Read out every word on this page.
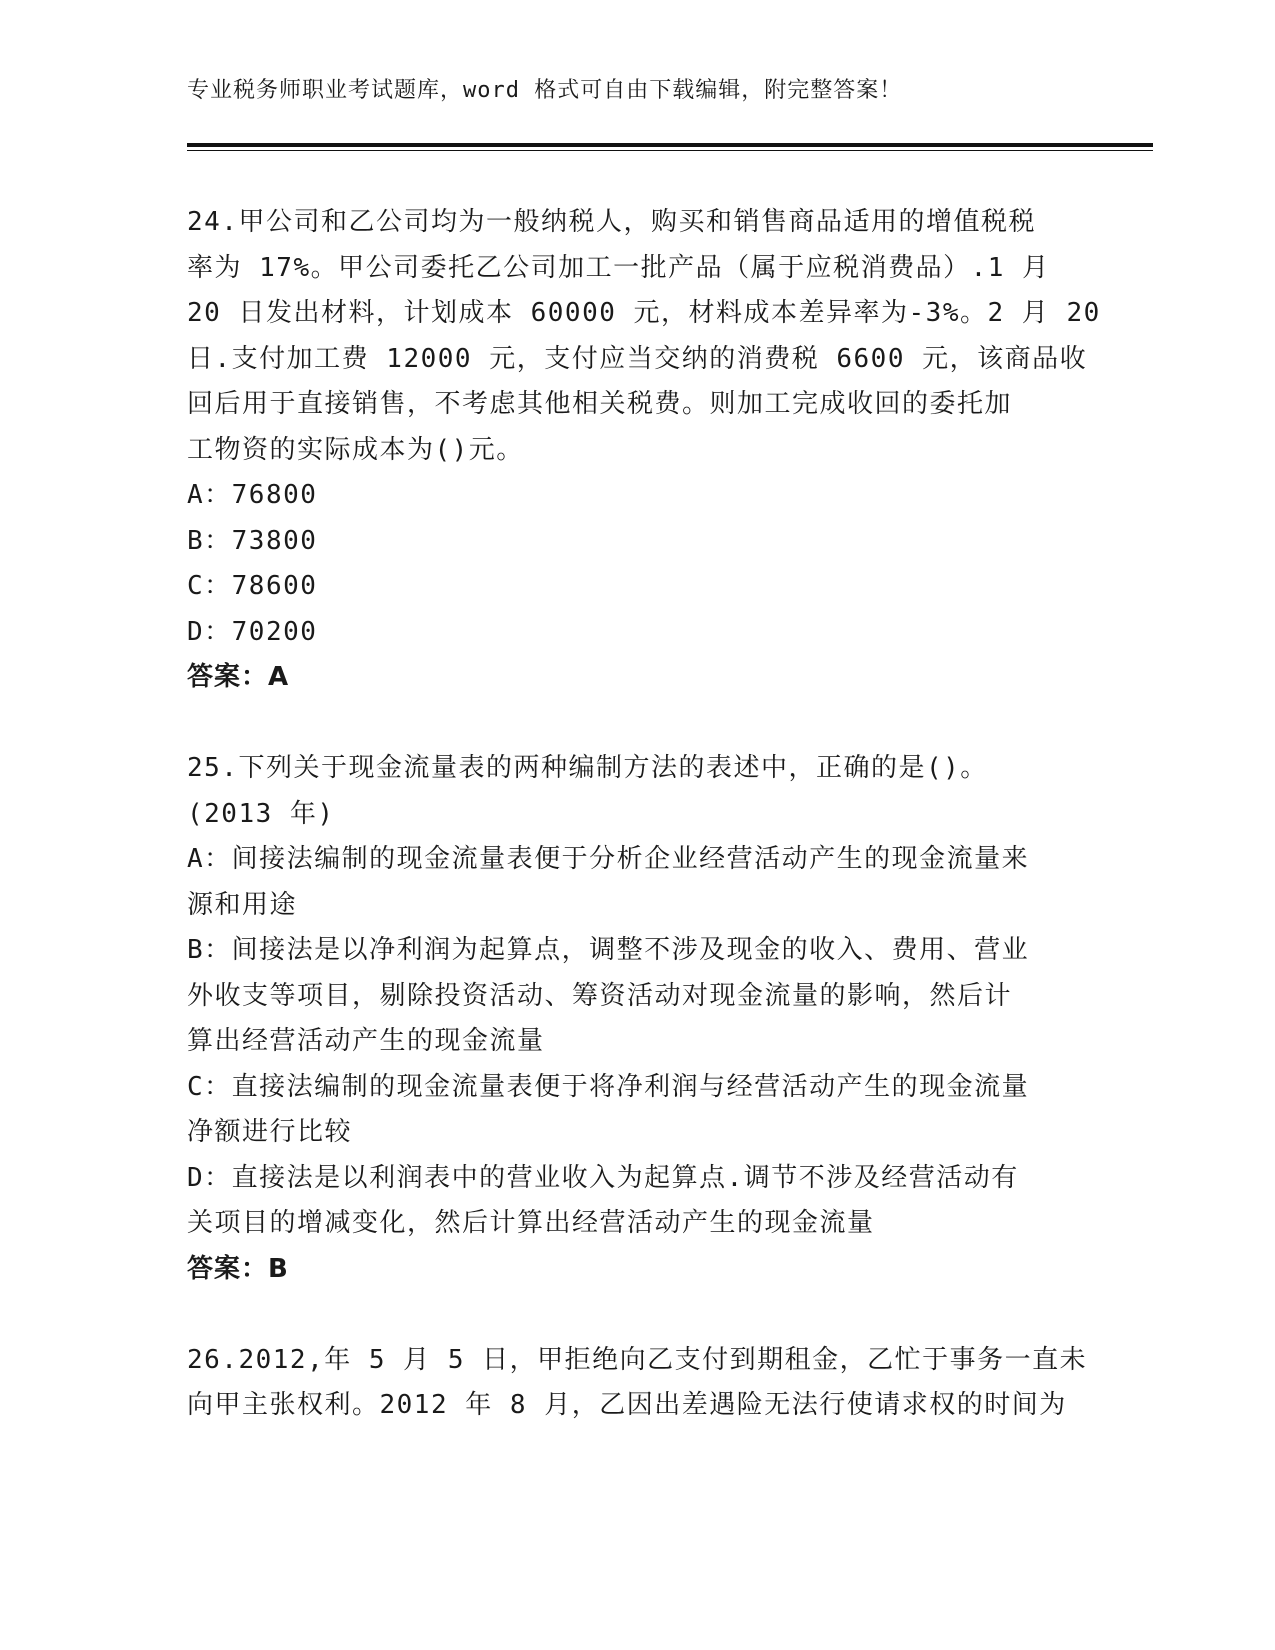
专业税务师职业考试题库，word 格式可自由下载编辑，附完整答案！
24.甲公司和乙公司均为一般纳税人，购买和销售商品适用的增值税税
率为 17%。甲公司委托乙公司加工一批产品（属于应税消费品）.1 月
20 日发出材料，计划成本 60000 元，材料成本差异率为-3%。2 月 20
日.支付加工费 12000 元，支付应当交纳的消费税 6600 元，该商品收
回后用于直接销售，不考虑其他相关税费。则加工完成收回的委托加
工物资的实际成本为()元。
A：76800
B：73800
C：78600
D：70200
答案：A
25.下列关于现金流量表的两种编制方法的表述中，正确的是()。
(2013 年)
A：间接法编制的现金流量表便于分析企业经营活动产生的现金流量来
源和用途
B：间接法是以净利润为起算点，调整不涉及现金的收入、费用、营业
外收支等项目，剔除投资活动、筹资活动对现金流量的影响，然后计
算出经营活动产生的现金流量
C：直接法编制的现金流量表便于将净利润与经营活动产生的现金流量
净额进行比较
D：直接法是以利润表中的营业收入为起算点.调节不涉及经营活动有
关项目的增减变化，然后计算出经营活动产生的现金流量
答案：B
26.2012,年 5 月 5 日，甲拒绝向乙支付到期租金，乙忙于事务一直未
向甲主张权利。2012 年 8 月，乙因出差遇险无法行使请求权的时间为
